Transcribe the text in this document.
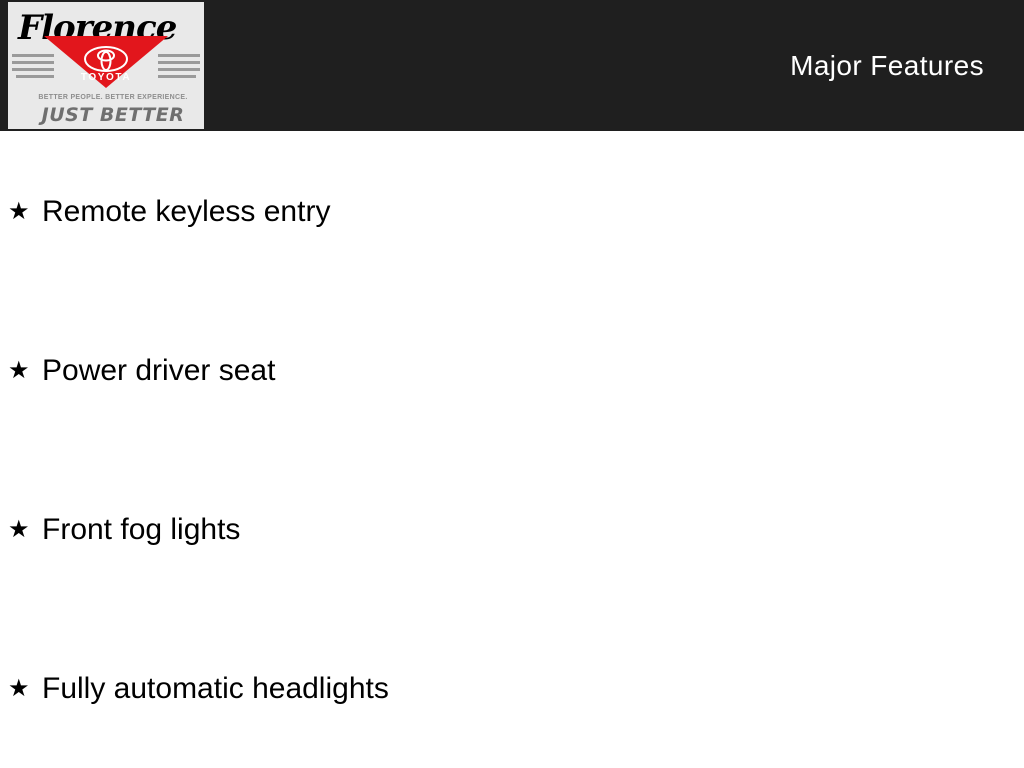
Florence
TOYOTA
BETTER PEOPLE. BETTER EXPERIENCE.
JUST BETTER
Major Features
★ Remote keyless entry
★ Power driver seat
★ Front fog lights
★ Fully automatic headlights
